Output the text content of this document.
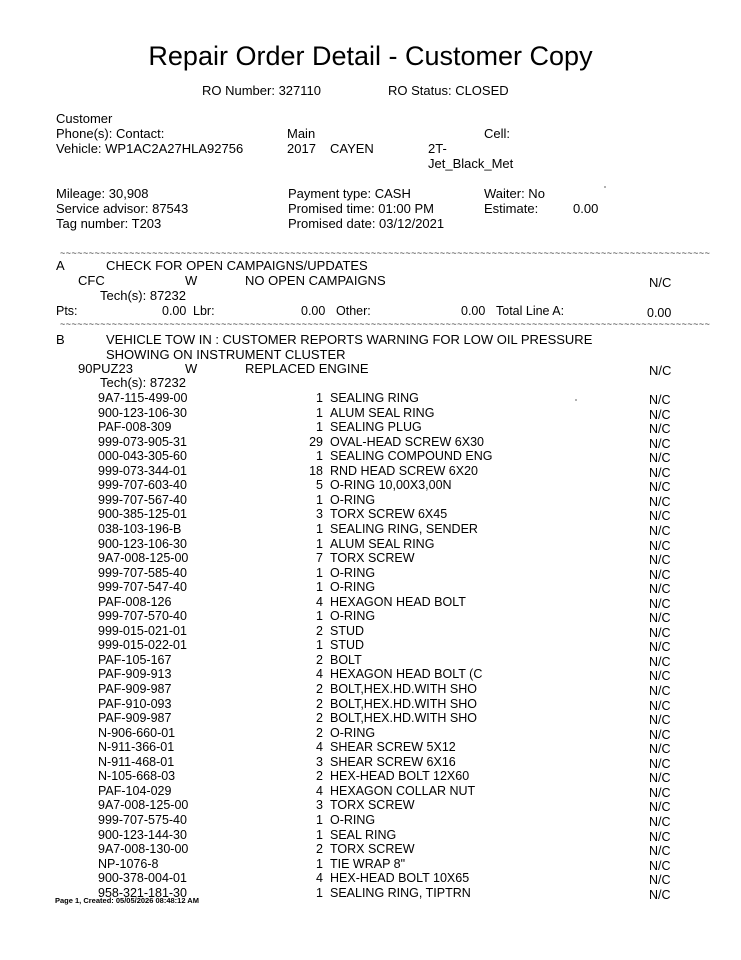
Repair Order Detail - Customer Copy
RO Number: 327110	RO Status: CLOSED
Customer
Phone(s): Contact:	Main	Cell:
Vehicle: WP1AC2A27HLA92756	2017 CAYEN	2T-
Jet_Black_Met
Mileage: 30,908
Service advisor: 87543
Tag number: T203
Payment type: CASH
Promised time: 01:00 PM
Promised date: 03/12/2021
Waiter: No
Estimate:	0.00
~~~~~~~~~~~~~~~~~~~~~~~~~~~~~~~~~~~~~~~~~~~~~~~~~~~~~~~~~~~~~~~~~~~~~~~~~~~~~~~~~~~~~~~~~~~~~~~~~~~~~~~~~~~~~~~~~
A	CHECK FOR OPEN CAMPAIGNS/UPDATES
CFC	W	NO OPEN CAMPAIGNS	N/C
Tech(s): 87232
Pts:	0.00 Lbr:	0.00 Other:	0.00 Total Line A:	0.00
~~~~~~~~~~~~~~~~~~~~~~~~~~~~~~~~~~~~~~~~~~~~~~~~~~~~~~~~~~~~~~~~~~~~~~~~~~~~~~~~~~~~~~~~~~~~~~~~~~~~~~~~~~~~~~~~~
B	VEHICLE TOW IN : CUSTOMER REPORTS WARNING FOR LOW OIL PRESSURE
SHOWING ON INSTRUMENT CLUSTER
90PUZ23	W	REPLACED ENGINE	N/C
Tech(s): 87232
9A7-115-499-00	1 SEALING RING	N/C
900-123-106-30	1 ALUM SEAL RING	N/C
PAF-008-309	1 SEALING PLUG	N/C
999-073-905-31	29 OVAL-HEAD SCREW 6X30	N/C
000-043-305-60	1 SEALING COMPOUND ENG	N/C
999-073-344-01	18 RND HEAD SCREW 6X20	N/C
999-707-603-40	5 O-RING 10,00X3,00N	N/C
999-707-567-40	1 O-RING	N/C
900-385-125-01	3 TORX SCREW 6X45	N/C
038-103-196-B	1 SEALING RING, SENDER	N/C
900-123-106-30	1 ALUM SEAL RING	N/C
9A7-008-125-00	7 TORX SCREW	N/C
999-707-585-40	1 O-RING	N/C
999-707-547-40	1 O-RING	N/C
PAF-008-126	4 HEXAGON HEAD BOLT	N/C
999-707-570-40	1 O-RING	N/C
999-015-021-01	2 STUD	N/C
999-015-022-01	1 STUD	N/C
PAF-105-167	2 BOLT	N/C
PAF-909-913	4 HEXAGON HEAD BOLT (C	N/C
PAF-909-987	2 BOLT,HEX.HD.WITH SHO	N/C
PAF-910-093	2 BOLT,HEX.HD.WITH SHO	N/C
PAF-909-987	2 BOLT,HEX.HD.WITH SHO	N/C
N-906-660-01	2 O-RING	N/C
N-911-366-01	4 SHEAR SCREW 5X12	N/C
N-911-468-01	3 SHEAR SCREW 6X16	N/C
N-105-668-03	2 HEX-HEAD BOLT 12X60	N/C
PAF-104-029	4 HEXAGON COLLAR NUT	N/C
9A7-008-125-00	3 TORX SCREW	N/C
999-707-575-40	1 O-RING	N/C
900-123-144-30	1 SEAL RING	N/C
9A7-008-130-00	2 TORX SCREW	N/C
NP-1076-8	1 TIE WRAP 8"	N/C
900-378-004-01	4 HEX-HEAD BOLT 10X65	N/C
958-321-181-30	1 SEALING RING, TIPTRN	N/C
Page 1, Created: 05/05/2026 08:48:12 AM
